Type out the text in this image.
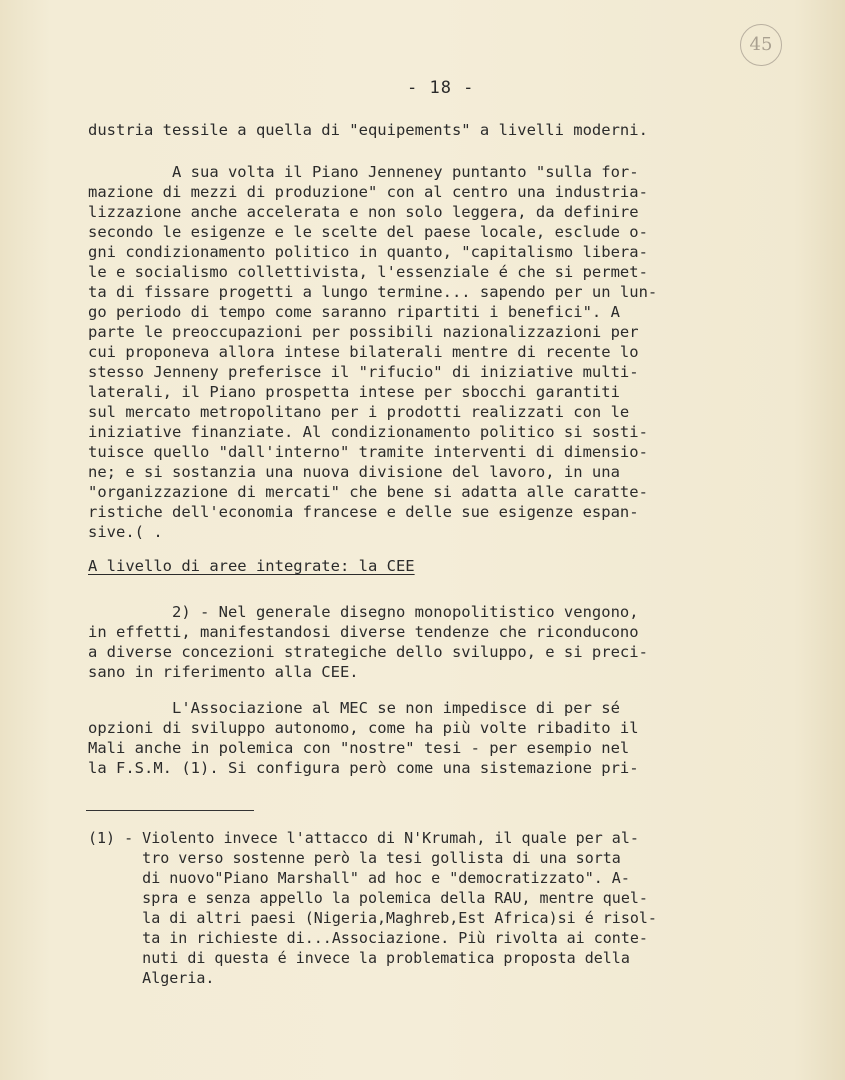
45
- 18 -
dustria tessile a quella di "equipements" a livelli moderni.
A sua volta il Piano Jenneney puntanto "sulla for-
mazione di mezzi di produzione" con al centro una industria-
lizzazione anche accelerata e non solo leggera, da definire
secondo le esigenze e le scelte del paese locale, esclude o-
gni condizionamento politico in quanto, "capitalismo libera-
le e socialismo collettivista, l'essenziale é che si permet-
ta di fissare progetti a lungo termine... sapendo per un lun-
go periodo di tempo come saranno ripartiti i benefici". A
parte le preoccupazioni per possibili nazionalizzazioni per
cui proponeva allora intese bilaterali mentre di recente lo
stesso Jenneny preferisce il "rifucio" di iniziative multi-
laterali, il Piano prospetta intese per sbocchi garantiti
sul mercato metropolitano per i prodotti realizzati con le
iniziative finanziate. Al condizionamento politico si sosti-
tuisce quello "dall'interno" tramite interventi di dimensio-
ne; e si sostanzia una nuova divisione del lavoro, in una
"organizzazione di mercati" che bene si adatta alle caratte-
ristiche dell'economia francese e delle sue esigenze espan-
sive.( .
A livello di aree integrate: la CEE
2) - Nel generale disegno monopolitistico vengono,
in effetti, manifestandosi diverse tendenze che riconducono
a diverse concezioni strategiche dello sviluppo, e si preci-
sano in riferimento alla CEE.
L'Associazione al MEC se non impedisce di per sé
opzioni di sviluppo autonomo, come ha più volte ribadito il
Mali anche in polemica con "nostre" tesi - per esempio nel
la F.S.M. (1). Si configura però come una sistemazione pri-
(1) - Violento invece l'attacco di N'Krumah, il quale per al-
tro verso sostenne però la tesi gollista di una sorta
di nuovo"Piano Marshall" ad hoc e "democratizzato". A-
spra e senza appello la polemica della RAU, mentre quel-
la di altri paesi (Nigeria,Maghreb,Est Africa)si é risol-
ta in richieste di...Associazione. Più rivolta ai conte-
nuti di questa é invece la problematica proposta della
Algeria.
